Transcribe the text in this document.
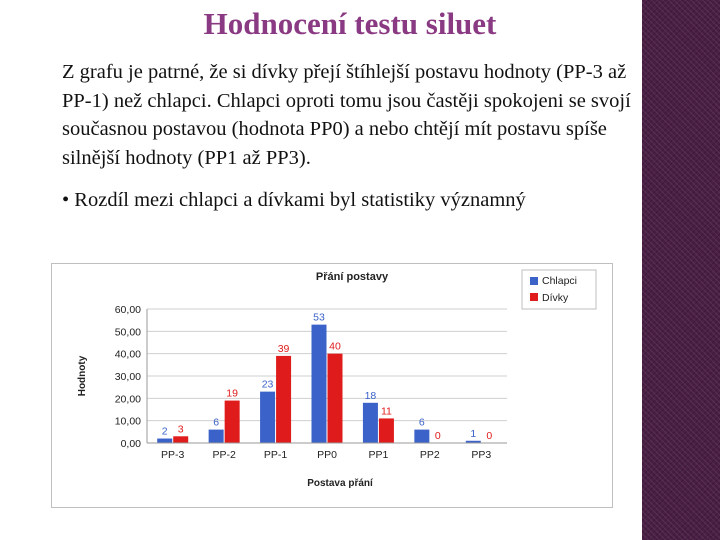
Hodnocení testu siluet
Z grafu je patrné, že si dívky přejí štíhlejší postavu hodnoty (PP-3 až PP-1) než chlapci. Chlapci oproti tomu jsou častěji spokojeni se svojí současnou postavou (hodnota PP0) a nebo chtějí mít postavu spíše silnější hodnoty (PP1 až PP3).
• Rozdíl mezi chlapci a dívkami byl statistiky významný
0,00
10,00
20,00
30,00
40,00
50,00
60,00
PP-3	PP-2	PP-1	PP0	PP1	PP2	PP3
2 3
6
19
23
39
53
40
18
11
6
0	1 0
Přání postavy
Postava přání
Hodnoty
Chlapci
Dívky
